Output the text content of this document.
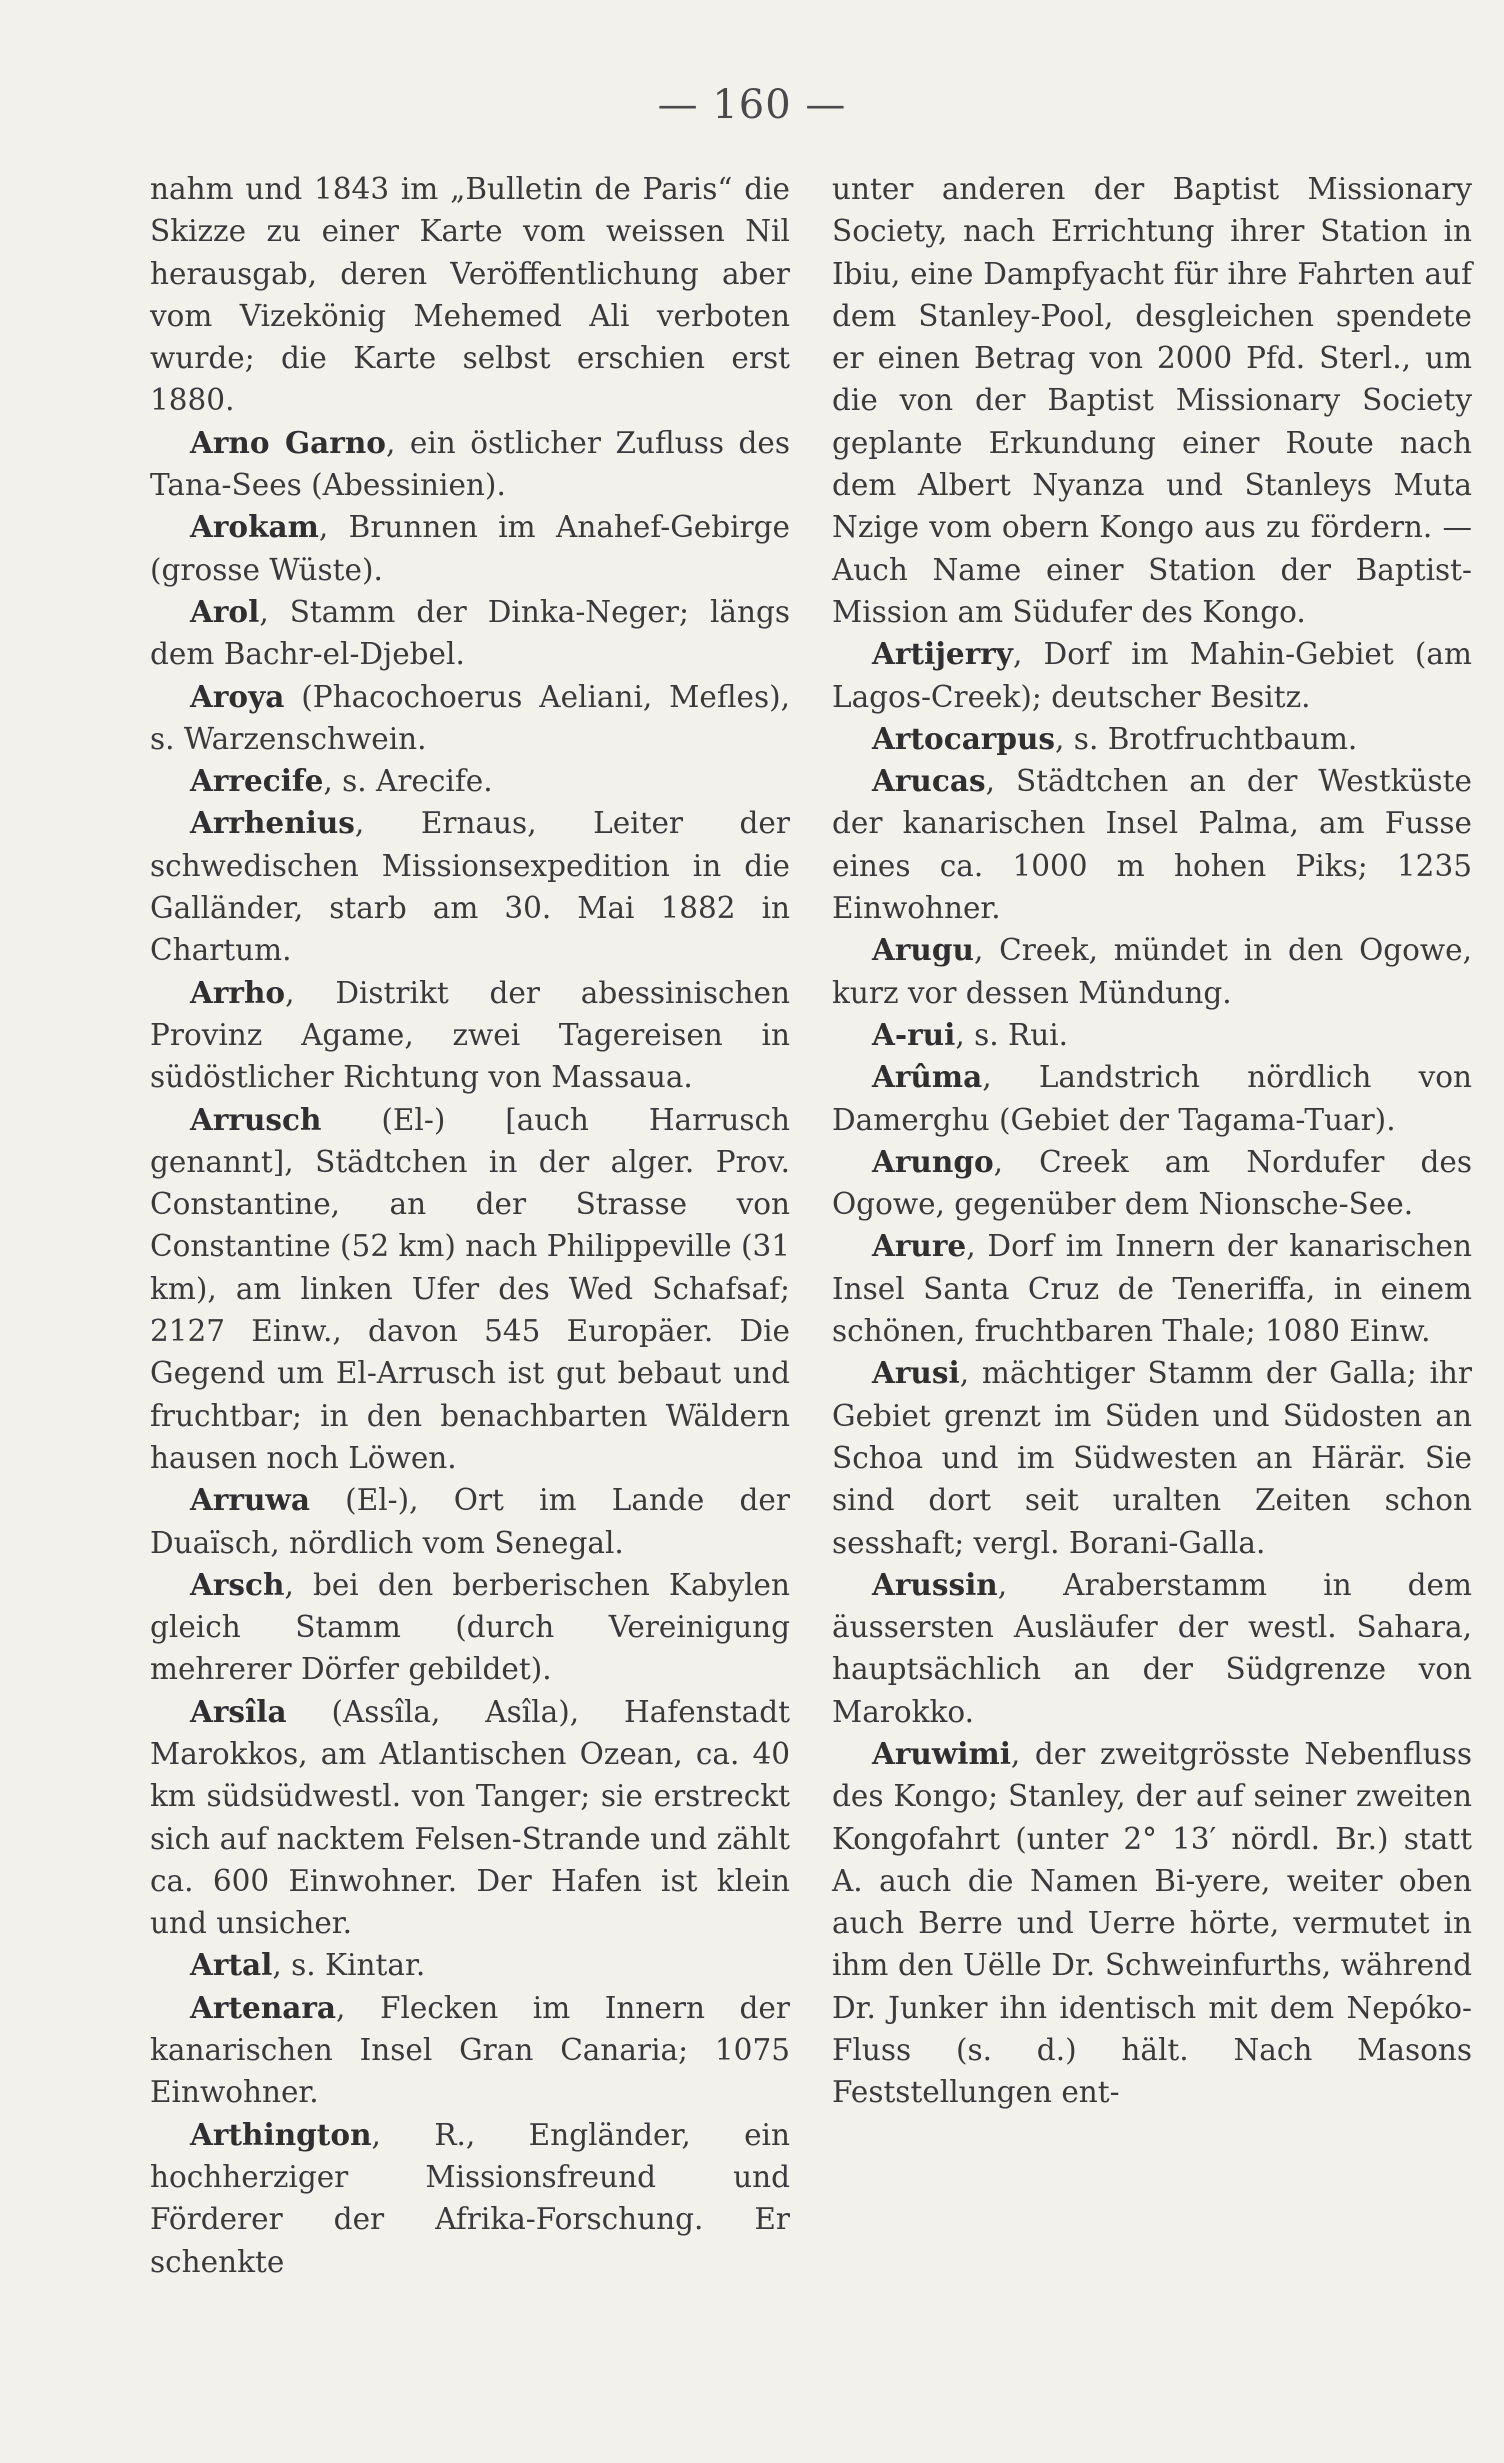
— 160 —

nahm und 1843 im „Bulletin de Paris“ die Skizze zu einer Karte vom weissen Nil herausgab, deren Veröffentlichung aber vom Vizekönig Mehemed Ali verboten wurde; die Karte selbst erschien erst 1880.

Arno Garno, ein östlicher Zufluss des Tana-Sees (Abessinien).

Arokam, Brunnen im Anahef-Gebirge (grosse Wüste).

Arol, Stamm der Dinka-Neger; längs dem Bachr-el-Djebel.

Aroya (Phacochoerus Aeliani, Mefles), s. Warzenschwein.

Arrecife, s. Arecife.

Arrhenius, Ernaus, Leiter der schwedischen Missionsexpedition in die Galländer, starb am 30. Mai 1882 in Chartum.

Arrho, Distrikt der abessinischen Provinz Agame, zwei Tagereisen in südöstlicher Richtung von Massaua.

Arrusch (El-) [auch Harrusch genannt], Städtchen in der alger. Prov. Constantine, an der Strasse von Constantine (52 km) nach Philippeville (31 km), am linken Ufer des Wed Schafsaf; 2127 Einw., davon 545 Europäer. Die Gegend um El-Arrusch ist gut bebaut und fruchtbar; in den benachbarten Wäldern hausen noch Löwen.

Arruwa (El-), Ort im Lande der Duaïsch, nördlich vom Senegal.

Arsch, bei den berberischen Kabylen gleich Stamm (durch Vereinigung mehrerer Dörfer gebildet).

Arsîla (Assîla, Asîla), Hafenstadt Marokkos, am Atlantischen Ozean, ca. 40 km südsüdwestl. von Tanger; sie erstreckt sich auf nacktem Felsen-Strande und zählt ca. 600 Einwohner. Der Hafen ist klein und unsicher.

Artal, s. Kintar.

Artenara, Flecken im Innern der kanarischen Insel Gran Canaria; 1075 Einwohner.

Arthington, R., Engländer, ein hochherziger Missionsfreund und Förderer der Afrika-Forschung. Er schenkte

unter anderen der Baptist Missionary Society, nach Errichtung ihrer Station in Ibiu, eine Dampfyacht für ihre Fahrten auf dem Stanley-Pool, desgleichen spendete er einen Betrag von 2000 Pfd. Sterl., um die von der Baptist Missionary Society geplante Erkundung einer Route nach dem Albert Nyanza und Stanleys Muta Nzige vom obern Kongo aus zu fördern. — Auch Name einer Station der Baptist-Mission am Südufer des Kongo.

Artijerry, Dorf im Mahin-Gebiet (am Lagos-Creek); deutscher Besitz.

Artocarpus, s. Brotfruchtbaum.

Arucas, Städtchen an der Westküste der kanarischen Insel Palma, am Fusse eines ca. 1000 m hohen Piks; 1235 Einwohner.

Arugu, Creek, mündet in den Ogowe, kurz vor dessen Mündung.

A-rui, s. Rui.

Arûma, Landstrich nördlich von Damerghu (Gebiet der Tagama-Tuar).

Arungo, Creek am Nordufer des Ogowe, gegenüber dem Nionsche-See.

Arure, Dorf im Innern der kanarischen Insel Santa Cruz de Teneriffa, in einem schönen, fruchtbaren Thale; 1080 Einw.

Arusi, mächtiger Stamm der Galla; ihr Gebiet grenzt im Süden und Südosten an Schoa und im Südwesten an Härär. Sie sind dort seit uralten Zeiten schon sesshaft; vergl. Borani-Galla.

Arussin, Araberstamm in dem äussersten Ausläufer der westl. Sahara, hauptsächlich an der Südgrenze von Marokko.

Aruwimi, der zweitgrösste Nebenfluss des Kongo; Stanley, der auf seiner zweiten Kongofahrt (unter 2° 13′ nördl. Br.) statt A. auch die Namen Bi-yere, weiter oben auch Berre und Uerre hörte, vermutet in ihm den Uëlle Dr. Schweinfurths, während Dr. Junker ihn identisch mit dem Nepóko-Fluss (s. d.) hält. Nach Masons Feststellungen ent-
